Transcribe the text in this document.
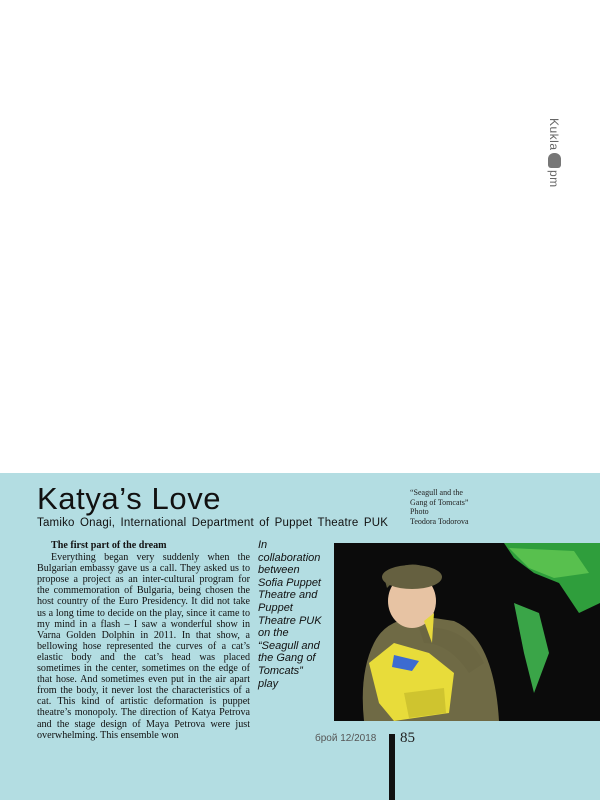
Kukla
pm
Katya’s Love
Tamiko Onagi, International Department of Puppet Theatre PUK
“Seagull and the
Gang of Tomcats”
Photo
Teodora Todorova

The first part of the dream

Everything began very suddenly when the Bulgarian embassy gave us a call. They asked us to propose a project as an inter-cultural program for the commemoration of Bulgaria, being chosen the host country of the Euro Presidency. It did not take us a long time to decide on the play, since it came to my mind in a flash – I saw a wonderful show in Varna Golden Dolphin in 2011. In that show, a bellowing hose represented the curves of a cat’s elastic body and the cat’s head was placed sometimes in the center, sometimes on the edge of that hose. And sometimes even put in the air apart from the body, it never lost the characteristics of a cat. This kind of artistic deformation is puppet theatre’s monopoly. The direction of Katya Petrova and the stage design of Maya Petrova were just overwhelming. This ensemble won

In collaboration between Sofia Puppet Theatre and Puppet Theatre PUK on the “Seagull and the Gang of Tomcats” play
брой 12/2018 85
